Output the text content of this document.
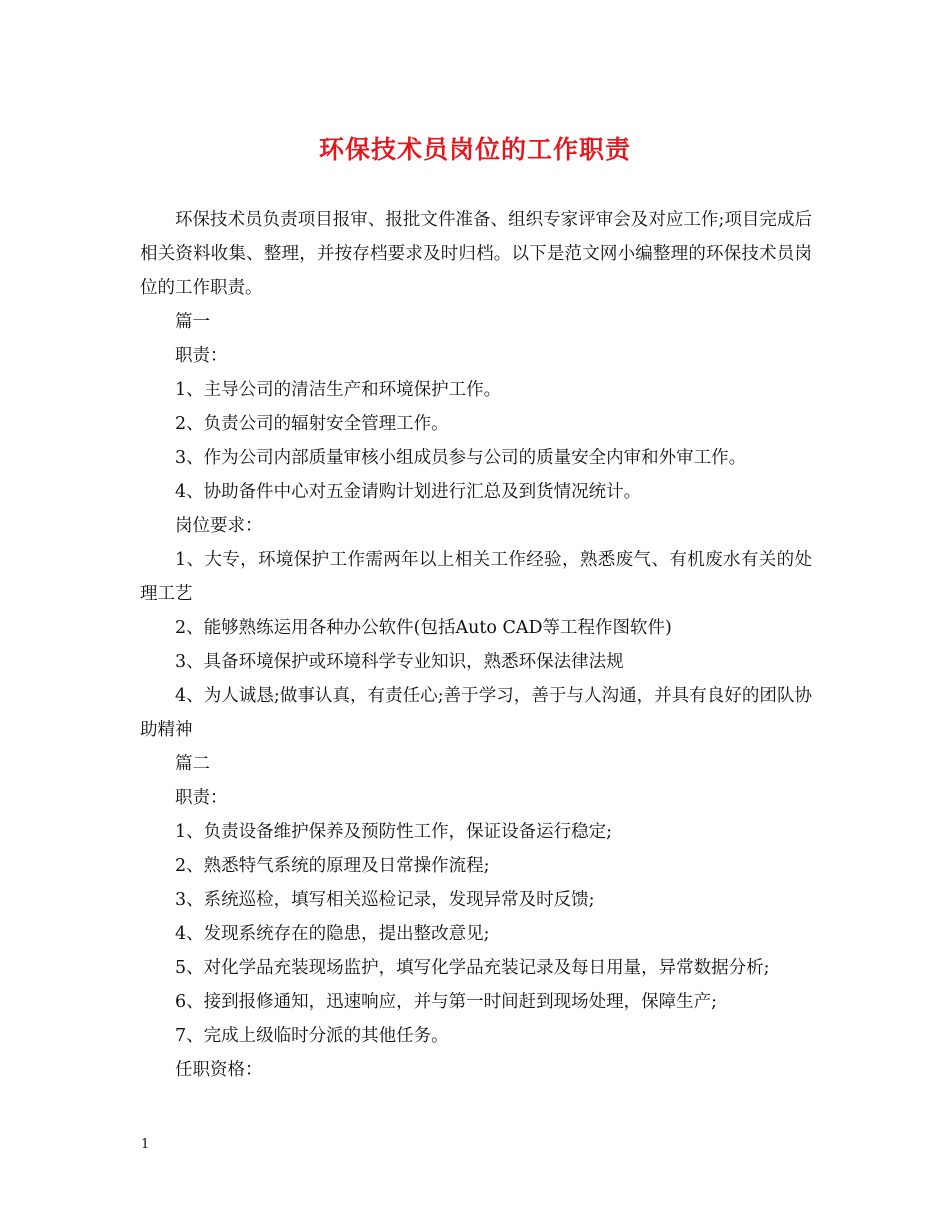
环保技术员岗位的工作职责

环保技术员负责项目报审、报批文件准备、组织专家评审会及对应工作;项目完成后相关资料收集、整理，并按存档要求及时归档。以下是范文网小编整理的环保技术员岗位的工作职责。

篇一

职责：

1、主导公司的清洁生产和环境保护工作。

2、负责公司的辐射安全管理工作。

3、作为公司内部质量审核小组成员参与公司的质量安全内审和外审工作。

4、协助备件中心对五金请购计划进行汇总及到货情况统计。

岗位要求：

1、大专，环境保护工作需两年以上相关工作经验，熟悉废气、有机废水有关的处理工艺

2、能够熟练运用各种办公软件(包括Auto CAD等工程作图软件)

3、具备环境保护或环境科学专业知识，熟悉环保法律法规

4、为人诚恳;做事认真，有责任心;善于学习，善于与人沟通，并具有良好的团队协助精神

篇二

职责：

1、负责设备维护保养及预防性工作，保证设备运行稳定;

2、熟悉特气系统的原理及日常操作流程;

3、系统巡检，填写相关巡检记录，发现异常及时反馈;

4、发现系统存在的隐患，提出整改意见;

5、对化学品充装现场监护，填写化学品充装记录及每日用量，异常数据分析;

6、接到报修通知，迅速响应，并与第一时间赶到现场处理，保障生产;

7、完成上级临时分派的其他任务。

任职资格：

1
